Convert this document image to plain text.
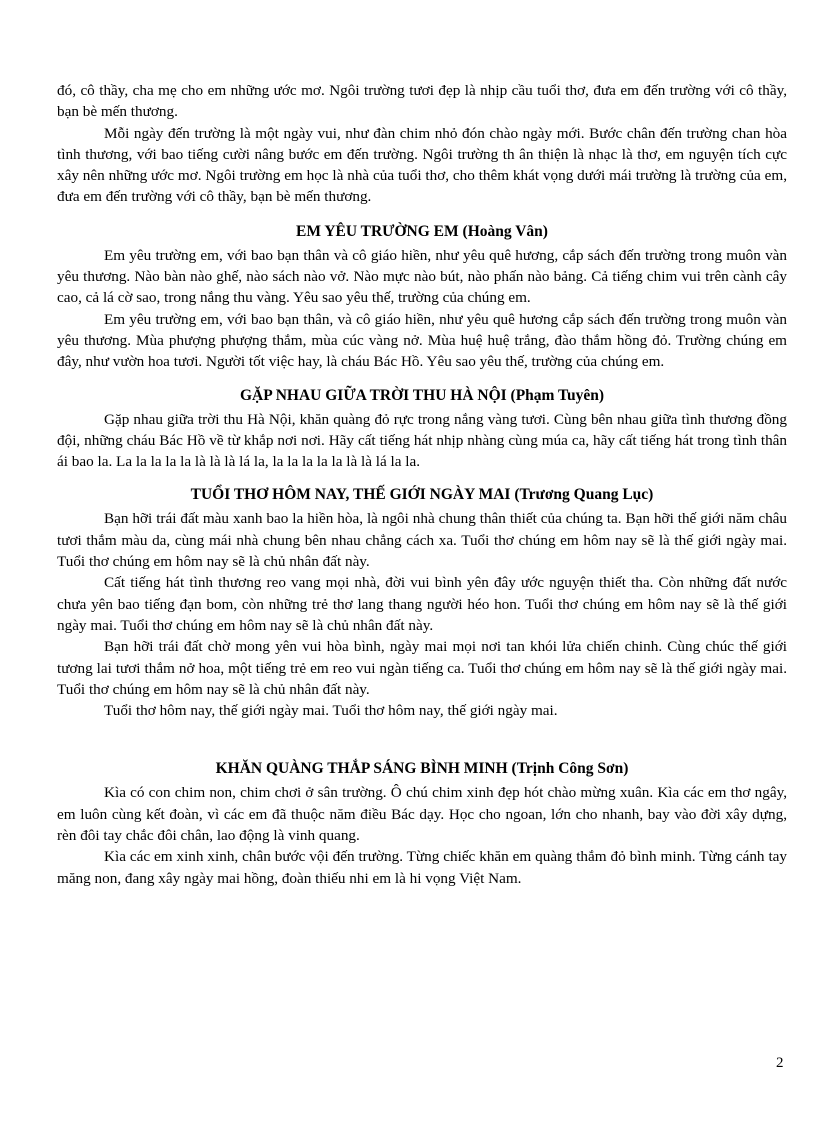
đó, cô thầy, cha mẹ cho em những ước mơ. Ngôi trường tươi đẹp là nhịp cầu tuổi thơ, đưa em đến trường với cô thầy, bạn bè mến thương.

Mỗi ngày đến trường là một ngày vui, như đàn chim nhỏ đón chào ngày mới. Bước chân đến trường chan hòa tình thương, với bao tiếng cười nâng bước em đến trường. Ngôi trường th ân thiện là nhạc là thơ, em nguyện tích cực xây nên những ước mơ. Ngôi trường em học là nhà của tuổi thơ, cho thêm khát vọng dưới mái trường là trường của em, đưa em đến trường với cô thầy, bạn bè mến thương.

EM YÊU TRƯỜNG EM (Hoàng Vân)

Em yêu trường em, với bao bạn thân và cô giáo hiền, như yêu quê hương, cắp sách đến trường trong muôn vàn yêu thương. Nào bàn nào ghế, nào sách nào vở. Nào mực nào bút, nào phấn nào bảng. Cả tiếng chim vui trên cành cây cao, cả lá cờ sao, trong nắng thu vàng. Yêu sao yêu thế, trường của chúng em.

Em yêu trường em, với bao bạn thân, và cô giáo hiền, như yêu quê hương cắp sách đến trường trong muôn vàn yêu thương. Mùa phượng phượng thắm, mùa cúc vàng nở. Mùa huệ huệ trắng, đào thắm hồng đỏ. Trường chúng em đây, như vườn hoa tươi. Người tốt việc hay, là cháu Bác Hồ. Yêu sao yêu thế, trường của chúng em.

GẶP NHAU GIỮA TRỜI THU HÀ NỘI (Phạm Tuyên)

Gặp nhau giữa trời thu Hà Nội, khăn quàng đỏ rực trong nắng vàng tươi. Cùng bên nhau giữa tình thương đồng đội, những cháu Bác Hồ về từ khắp nơi nơi. Hãy cất tiếng hát nhịp nhàng cùng múa ca, hãy cất tiếng hát trong tình thân ái bao la. La la la la la là là là lá la, la la la la la là là lá la la.

TUỔI THƠ HÔM NAY, THẾ GIỚI NGÀY MAI (Trương Quang Lục)

Bạn hỡi trái đất màu xanh bao la hiền hòa, là ngôi nhà chung thân thiết của chúng ta. Bạn hỡi thế giới năm châu tươi thắm màu da, cùng mái nhà chung bên nhau chẳng cách xa. Tuổi thơ chúng em hôm nay sẽ là thế giới ngày mai. Tuổi thơ chúng em hôm nay sẽ là chủ nhân đất này.

Cất tiếng hát tình thương reo vang mọi nhà, đời vui bình yên đây ước nguyện thiết tha. Còn những đất nước chưa yên bao tiếng đạn bom, còn những trẻ thơ lang thang người héo hon. Tuổi thơ chúng em hôm nay sẽ là thế giới ngày mai. Tuổi thơ chúng em hôm nay sẽ là chủ nhân đất này.

Bạn hỡi trái đất chờ mong yên vui hòa bình, ngày mai mọi nơi tan khói lửa chiến chinh. Cùng chúc thế giới tương lai tươi thắm nở hoa, một tiếng trẻ em reo vui ngàn tiếng ca. Tuổi thơ chúng em hôm nay sẽ là thế giới ngày mai. Tuổi thơ chúng em hôm nay sẽ là chủ nhân đất này.

Tuổi thơ hôm nay, thế giới ngày mai. Tuổi thơ hôm nay, thế giới ngày mai.

KHĂN QUÀNG THẮP SÁNG BÌNH MINH (Trịnh Công Sơn)

Kìa có con chim non, chim chơi ở sân trường. Ô chú chim xinh đẹp hót chào mừng xuân. Kìa các em thơ ngây, em luôn cùng kết đoàn, vì các em đã thuộc năm điều Bác dạy. Học cho ngoan, lớn cho nhanh, bay vào đời xây dựng, rèn đôi tay chắc đôi chân, lao động là vinh quang.

Kìa các em xinh xinh, chân bước vội đến trường. Từng chiếc khăn em quàng thắm đỏ bình minh. Từng cánh tay măng non, đang xây ngày mai hồng, đoàn thiếu nhi em là hi vọng Việt Nam.

2
